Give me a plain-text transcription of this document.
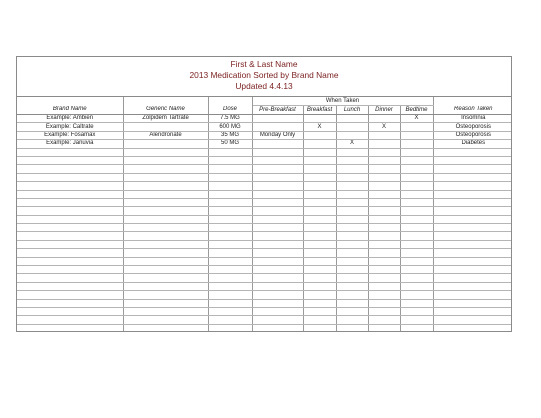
First & Last Name
2013 Medication Sorted by Brand Name
Updated 4.4.13
			When Taken					
Brand Name	Generic Name	Dose	Pre-Breakfast	Breakfast	Lunch	Dinner	Bedtime	Reason Taken
Example: Ambien	Zolpidem Tartrate	7.5 MG					X	Insomnia
Example: Caltrate		600 MG		X		X		Osteoporosis
Example: Fosamax	Alendronate	35 MG	Monday Only					Osteoporosis
Example: Januvia		50 MG			X			Diabetes
